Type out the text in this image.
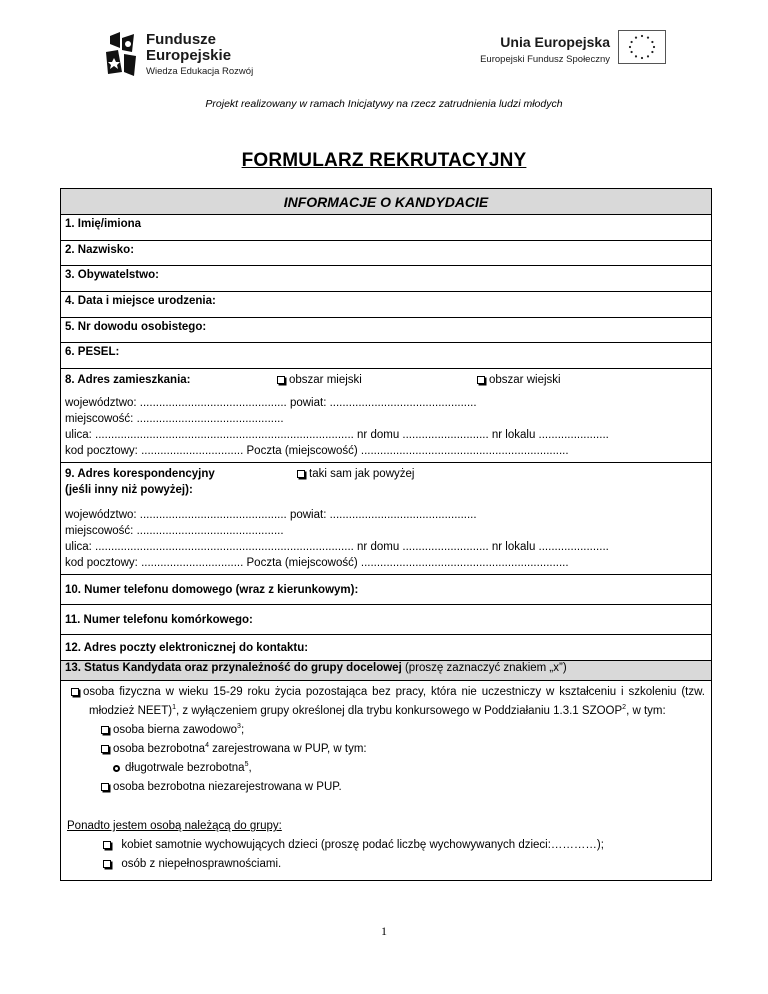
Fundusze
Europejskie
Wiedza Edukacja Rozwój
Unia Europejska
Europejski Fundusz Społeczny
Projekt realizowany w ramach Inicjatywy na rzecz zatrudnienia ludzi młodych
FORMULARZ REKRUTACYJNY
INFORMACJE O KANDYDACIE
1. Imię/imiona
2. Nazwisko:
3. Obywatelstwo:
4. Data i miejsce urodzenia:
5. Nr dowodu osobistego:
6. PESEL:
8. Adres zamieszkania:	obszar miejski	obszar wiejski
województwo: .............................................. powiat: ..............................................
miejscowość: ..............................................
ulica: ................................................................................. nr domu ........................... nr lokalu ......................
kod pocztowy: ................................ Poczta (miejscowość) .................................................................
9. Adres korespondencyjny
(jeśli inny niż powyżej):
taki sam jak powyżej
województwo: .............................................. powiat: ..............................................
miejscowość: ..............................................
ulica: ................................................................................. nr domu ........................... nr lokalu ......................
kod pocztowy: ................................ Poczta (miejscowość) .................................................................
10. Numer telefonu domowego (wraz z kierunkowym):
11. Numer telefonu komórkowego:
12. Adres poczty elektronicznej do kontaktu:
13. Status Kandydata oraz przynależność do grupy docelowej (proszę zaznaczyć znakiem „x”)

osoba fizyczna w wieku 15-29 roku życia pozostająca bez pracy, która nie uczestniczy w kształceniu i szkoleniu (tzw. młodzież NEET)$^1$, z wyłączeniem grupy określonej dla trybu konkursowego w Poddziałaniu 1.3.1 SZOOP$^2$, w tym:

osoba bierna zawodowo$^3$;

osoba bezrobotna$^4$ zarejestrowana w PUP, w tym:

długotrwale bezrobotna$^5$,

osoba bezrobotna niezarejestrowana w PUP.

Ponadto jestem osobą należącą do grupy:

kobiet samotnie wychowujących dzieci (proszę podać liczbę wychowywanych dzieci:…………);

osób z niepełnosprawnościami.

1
